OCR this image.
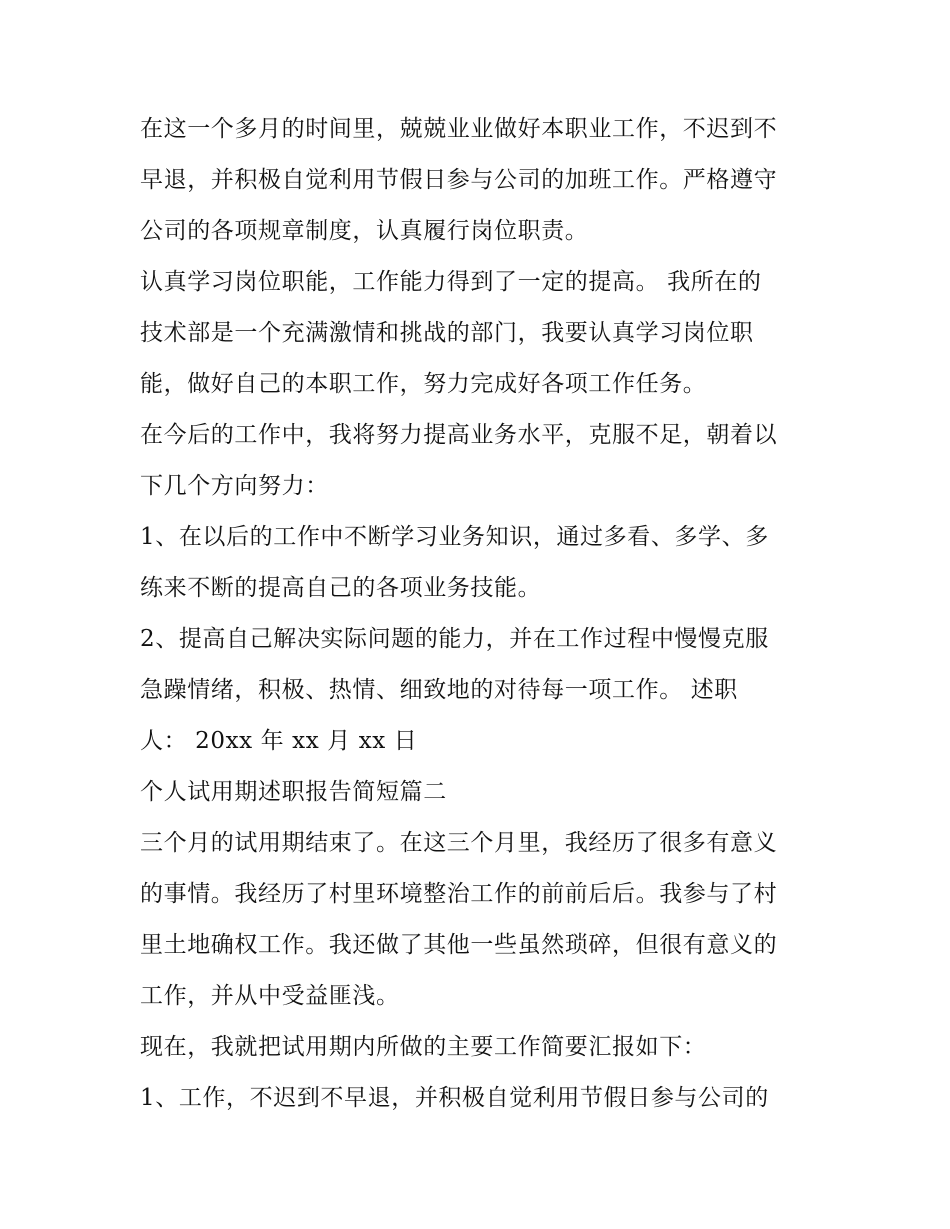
在这一个多月的时间里，兢兢业业做好本职业工作，不迟到不
早退，并积极自觉利用节假日参与公司的加班工作。严格遵守
公司的各项规章制度，认真履行岗位职责。
认真学习岗位职能，工作能力得到了一定的提高。 我所在的
技术部是一个充满激情和挑战的部门，我要认真学习岗位职
能，做好自己的本职工作，努力完成好各项工作任务。
在今后的工作中，我将努力提高业务水平，克服不足，朝着以
下几个方向努力：
1、在以后的工作中不断学习业务知识，通过多看、多学、多
练来不断的提高自己的各项业务技能。
2、提高自己解决实际问题的能力，并在工作过程中慢慢克服
急躁情绪，积极、热情、细致地的对待每一项工作。 述职
人： 20xx 年 xx 月 xx 日
个人试用期述职报告简短篇二
三个月的试用期结束了。在这三个月里，我经历了很多有意义
的事情。我经历了村里环境整治工作的前前后后。我参与了村
里土地确权工作。我还做了其他一些虽然琐碎，但很有意义的
工作，并从中受益匪浅。
现在，我就把试用期内所做的主要工作简要汇报如下：
1、工作，不迟到不早退，并积极自觉利用节假日参与公司的
